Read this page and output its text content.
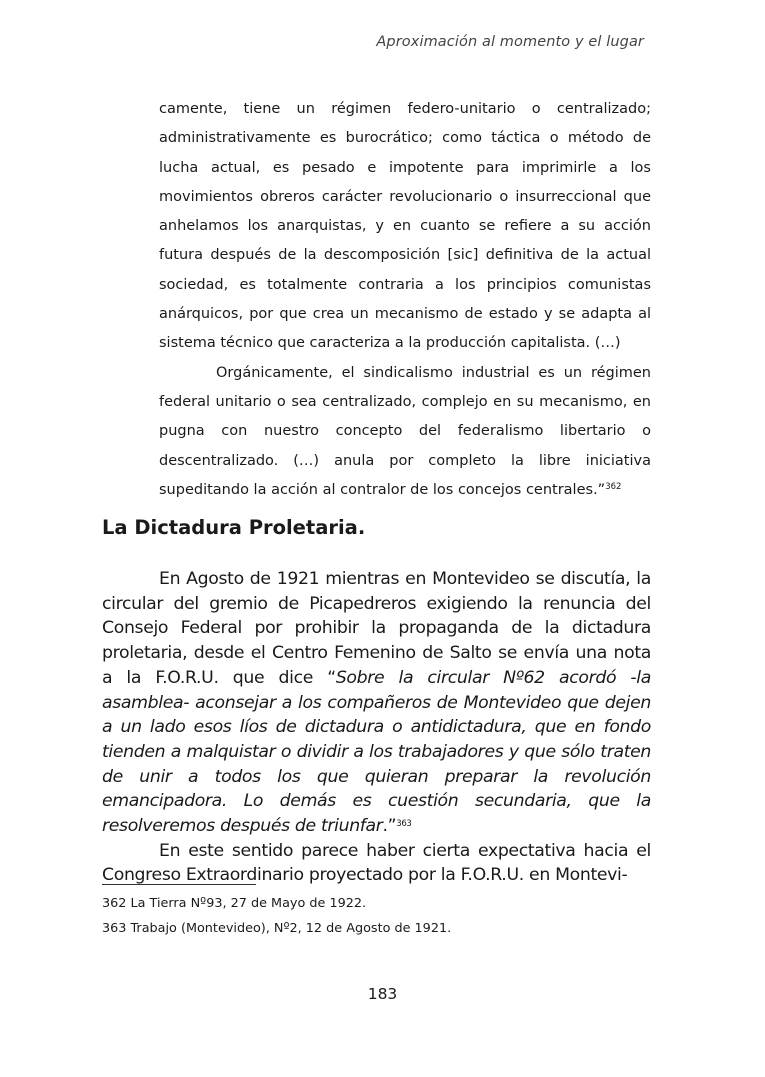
Aproximación al momento y el lugar

camente, tiene un régimen federo-unitario o centralizado; administrativamente es burocrático; como táctica o método de lucha actual, es pesado e impotente para imprimirle a los movimientos obreros carácter revolucionario o insurreccional que anhelamos los anarquistas, y en cuanto se refiere a su acción futura después de la descomposición [sic] definitiva de la actual sociedad, es totalmente contraria a los principios comunistas anárquicos, por que crea un mecanismo de estado y se adapta al sistema técnico que caracteriza a la producción capitalista. (…)

Orgánicamente, el sindicalismo industrial es un régimen federal unitario o sea centralizado, complejo en su mecanismo, en pugna con nuestro concepto del federalismo libertario o descentralizado. (…) anula por completo la libre iniciativa supeditando la acción al contralor de los concejos centrales.”$^{362}$

La Dictadura Proletaria.

En Agosto de 1921 mientras en Montevideo se discutía, la circular del gremio de Picapedreros exigiendo la renuncia del Consejo Federal por prohibir la propaganda de la dictadura proletaria, desde el Centro Femenino de Salto se envía una nota a la F.O.R.U. que dice “Sobre la circular Nº62 acordó -la asamblea- aconsejar a los compañeros de Montevideo que dejen a un lado esos líos de dictadura o antidictadura, que en fondo tienden a malquistar o dividir a los trabajadores y que sólo traten de unir a todos los que quieran preparar la revolución emancipadora. Lo demás es cuestión secundaria, que la resolveremos después de triunfar.”$^{363}$

En este sentido parece haber cierta expectativa hacia el Congreso Extraordinario proyectado por la F.O.R.U. en Montevi-

362 La Tierra Nº93, 27 de Mayo de 1922.

363 Trabajo (Montevideo), Nº2, 12 de Agosto de 1921.

183
